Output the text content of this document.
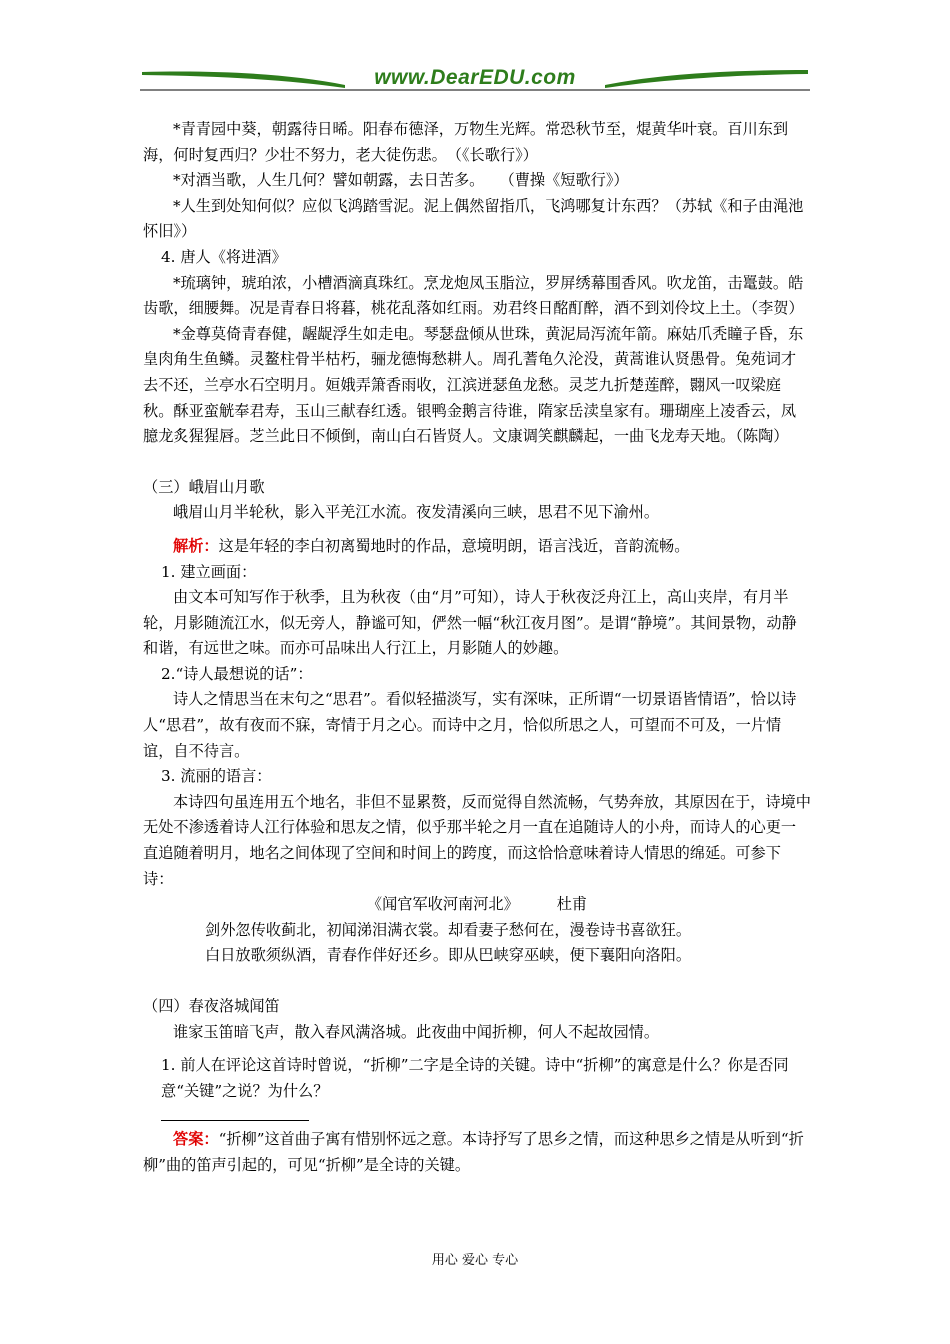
www.DearEDU.com

*青青园中葵，朝露待日晞。阳春布德泽，万物生光辉。常恐秋节至，焜黄华叶衰。百川东到海，何时复西归？少壮不努力，老大徒伤悲。　（《长歌行》）

*对酒当歌，人生几何？譬如朝露，去日苦多。　　（曹操《短歌行》）

*人生到处知何似？应似飞鸿踏雪泥。泥上偶然留指爪，飞鸿哪复计东西？（苏轼《和子由渑池怀旧》）

4. 唐人《将进酒》

*琉璃钟，琥珀浓，小槽酒滴真珠红。烹龙炮凤玉脂泣，罗屏绣幕围香风。吹龙笛，击鼍鼓。皓齿歌，细腰舞。况是青春日将暮，桃花乱落如红雨。劝君终日酩酊醉，酒不到刘伶坟上土。（李贺）

*金尊莫倚青春健，龌龊浮生如走电。琴瑟盘倾从世珠，黄泥局泻流年箭。麻姑爪秃瞳子昏，东皇肉角生鱼鳞。灵鳌柱骨半枯朽，骊龙德悔愁耕人。周孔蓍龟久沦没，黄蒿谁认贤愚骨。兔苑词才去不还，兰亭水石空明月。姮娥弄箫香雨收，江滨迸瑟鱼龙愁。灵芝九折楚莲醉，翾风一叹梁庭秋。酥亚蛮觥奉君寿，玉山三献春红透。银鸭金鹅言待谁，隋家岳渎皇家有。珊瑚座上凌香云，凤臆龙炙猩猩唇。芝兰此日不倾倒，南山白石皆贤人。文康调笑麒麟起，一曲飞龙寿天地。（陈陶）

（三）峨眉山月歌

峨眉山月半轮秋，影入平羌江水流。夜发清溪向三峡，思君不见下渝州。

解析：这是年轻的李白初离蜀地时的作品，意境明朗，语言浅近，音韵流畅。

1. 建立画面：

由文本可知写作于秋季，且为秋夜（由“月”可知），诗人于秋夜泛舟江上，高山夹岸，有月半轮，月影随流江水，似无旁人，静谧可知，俨然一幅“秋江夜月图”。是谓“静境”。其间景物，动静和谐，有远世之味。而亦可品味出人行江上，月影随人的妙趣。

2.“诗人最想说的话”：

诗人之情思当在末句之“思君”。看似轻描淡写，实有深味，正所谓“一切景语皆情语”，恰以诗人“思君”，故有夜而不寐，寄情于月之心。而诗中之月，恰似所思之人，可望而不可及，一片情谊，自不待言。

3. 流丽的语言：

本诗四句虽连用五个地名，非但不显累赘，反而觉得自然流畅，气势奔放，其原因在于，诗境中无处不渗透着诗人江行体验和思友之情，似乎那半轮之月一直在追随诗人的小舟，而诗人的心更一直追随着明月，地名之间体现了空间和时间上的跨度，而这恰恰意味着诗人情思的绵延。可参下诗：

《闻官军收河南河北》　　　杜甫

剑外忽传收蓟北，初闻涕泪满衣裳。却看妻子愁何在，漫卷诗书喜欲狂。

白日放歌须纵酒，青春作伴好还乡。即从巴峡穿巫峡，便下襄阳向洛阳。

（四）春夜洛城闻笛

谁家玉笛暗飞声，散入春风满洛城。此夜曲中闻折柳，何人不起故园情。

1. 前人在评论这首诗时曾说，“折柳”二字是全诗的关键。诗中“折柳”的寓意是什么？你是否同意“关键”之说？为什么？

答案：“折柳”这首曲子寓有惜别怀远之意。本诗抒写了思乡之情，而这种思乡之情是从听到“折柳”曲的笛声引起的，可见“折柳”是全诗的关键。

用心 爱心 专心
